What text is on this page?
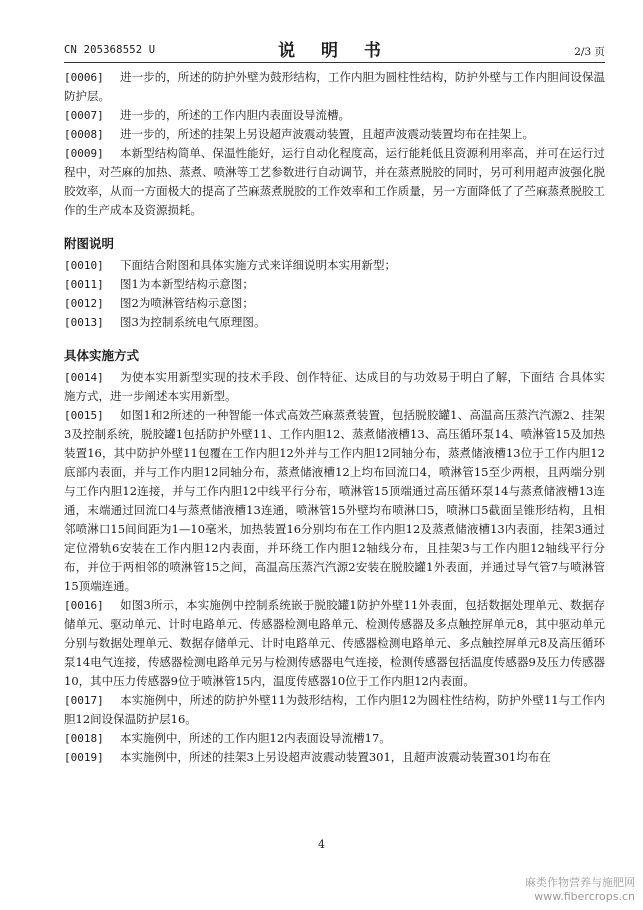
CN 205368552 U	说 明 书	2/3 页
[0006] 进一步的，所述的防护外壁为鼓形结构，工作内胆为圆柱性结构，防护外壁与工作内胆间设保温防护层。
[0007] 进一步的，所述的工作内胆内表面设导流槽。
[0008] 进一步的，所述的挂架上另设超声波震动装置，且超声波震动装置均布在挂架上。
[0009] 本新型结构简单、保温性能好，运行自动化程度高，运行能耗低且资源利用率高，并可在运行过程中，对苎麻的加热、蒸煮、喷淋等工艺参数进行自动调节，并在蒸煮脱胶的同时，另可利用超声波强化脱胶效率，从而一方面极大的提高了苎麻蒸煮脱胶的工作效率和工作质量，另一方面降低了了苎麻蒸煮脱胶工作的生产成本及资源损耗。
附图说明
[0010] 下面结合附图和具体实施方式来详细说明本实用新型；
[0011] 图1为本新型结构示意图；
[0012] 图2为喷淋管结构示意图；
[0013] 图3为控制系统电气原理图。
具体实施方式
[0014] 为使本实用新型实现的技术手段、创作特征、达成目的与功效易于明白了解，下面结 合具体实施方式，进一步阐述本实用新型。
[0015] 如图1和2所述的一种智能一体式高效苎麻蒸煮装置，包括脱胶罐1、高温高压蒸汽汽源2、挂架3及控制系统，脱胶罐1包括防护外壁11、工作内胆12、蒸煮储液槽13、高压循环泵14、喷淋管15及加热装置16，其中防护外壁11包覆在工作内胆12外并与工作内胆12同轴分布，蒸煮储液槽13位于工作内胆12底部内表面，并与工作内胆12同轴分布，蒸煮储液槽12上均布回流口4，喷淋管15至少两根，且两端分别与工作内胆12连接，并与工作内胆12中线平行分布，喷淋管15顶端通过高压循环泵14与蒸煮储液槽13连通，末端通过回流口4与蒸煮储液槽13连通，喷淋管15外壁均布喷淋口5，喷淋口5截面呈锥形结构，且相邻喷淋口15间间距为1—10毫米，加热装置16分别均布在工作内胆12及蒸煮储液槽13内表面，挂架3通过定位滑轨6安装在工作内胆12内表面，并环绕工作内胆12轴线分布，且挂架3与工作内胆12轴线平行分布，并位于两相邻的喷淋管15之间，高温高压蒸汽汽源2安装在脱胶罐1外表面，并通过导气管7与喷淋管15顶端连通。
[0016] 如图3所示，本实施例中控制系统嵌于脱胶罐1防护外壁11外表面，包括数据处理单元、数据存储单元、驱动单元、计时电路单元、传感器检测电路单元、检测传感器及多点触控屏单元8，其中驱动单元分别与数据处理单元、数据存储单元、计时电路单元、传感器检测电路单元、多点触控屏单元8及高压循环泵14电气连接，传感器检测电路单元另与检测传感器电气连接，检测传感器包括温度传感器9及压力传感器10，其中压力传感器9位于喷淋管15内，温度传感器10位于工作内胆12内表面。
[0017] 本实施例中，所述的防护外壁11为鼓形结构，工作内胆12为圆柱性结构，防护外壁11与工作内胆12间设保温防护层16。
[0018] 本实施例中，所述的工作内胆12内表面设导流槽17。
[0019] 本实施例中，所述的挂架3上另设超声波震动装置301，且超声波震动装置301均布在
4
麻类作物营养与施肥网
www.fibercrops.cn
